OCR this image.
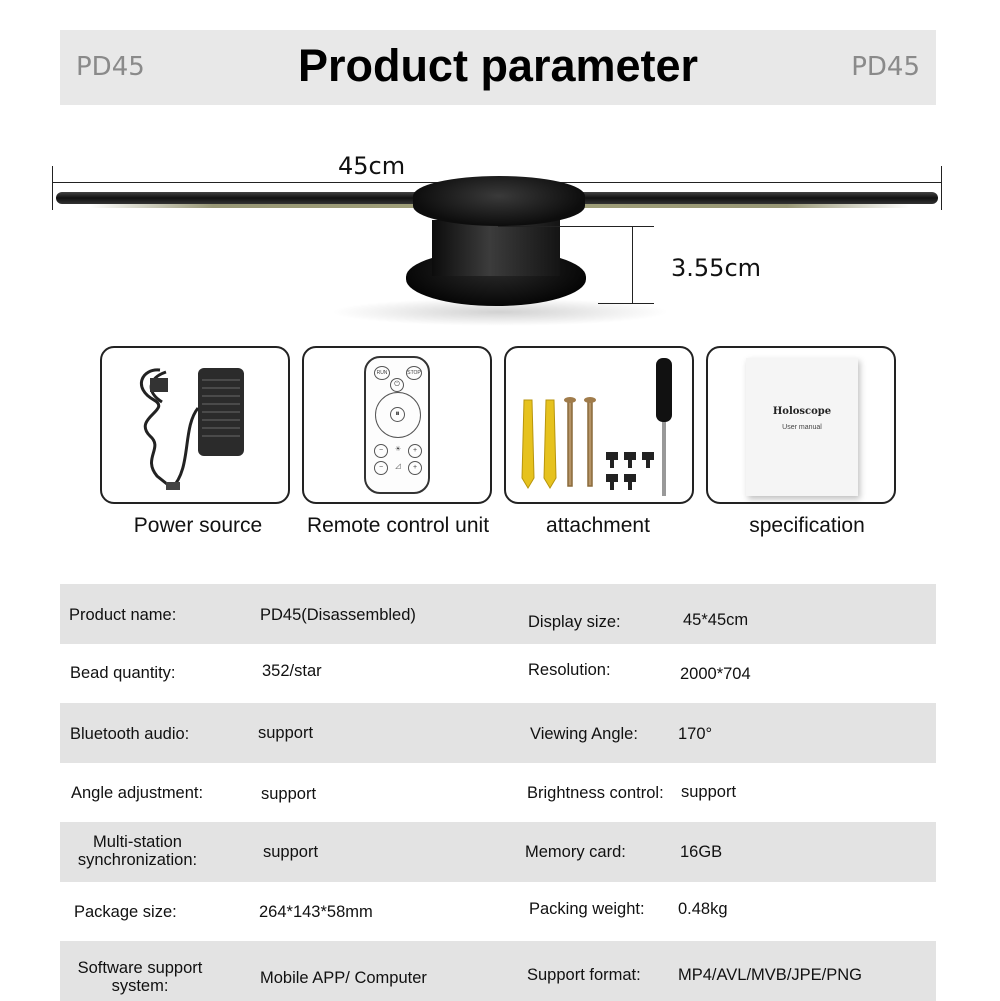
PD45	Product parameter	PD45
45cm
3.55cm
Power source
RUN	STOP
⏻
⏸
−	☀	+
−	◿	+
Remote control unit	attachment
Holoscope
User manual
specification
Product name:	PD45(Disassembled)	Display size:	45*45cm
Bead quantity:	352/star	Resolution:	2000*704
Bluetooth audio:	support	Viewing Angle: 170°
Angle adjustment:	support	Brightness control: support
Multi-station synchronization:	support	Memory card:	16GB
Package size:	264*143*58mm	Packing weight: 0.48kg
Software support system:	Mobile APP/ Computer	Support format: MP4/AVL/MVB/JPE/PNG
